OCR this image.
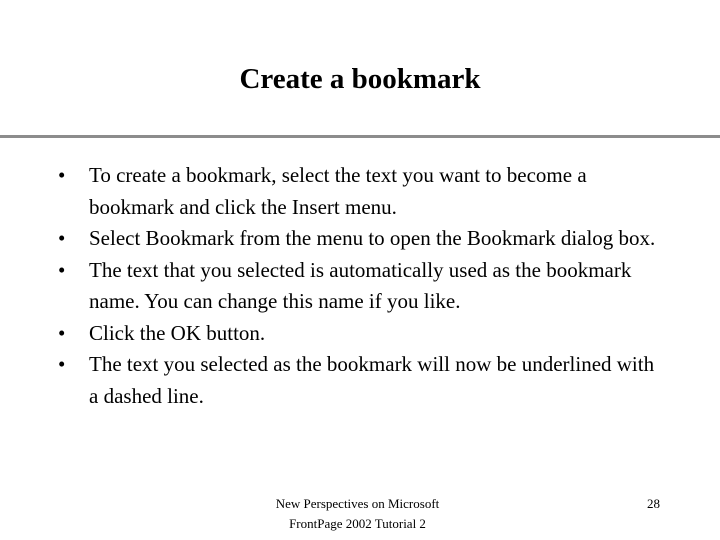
Create a bookmark
•	To create a bookmark, select the text you want to become a bookmark and click the Insert menu.
•	Select Bookmark from the menu to open the Bookmark dialog box.
•	The text that you selected is automatically used as the bookmark name. You can change this name if you like.
•	Click the OK button.
•	The text you selected as the bookmark will now be underlined with a dashed line.
New Perspectives on Microsoft
FrontPage 2002 Tutorial 2
28
